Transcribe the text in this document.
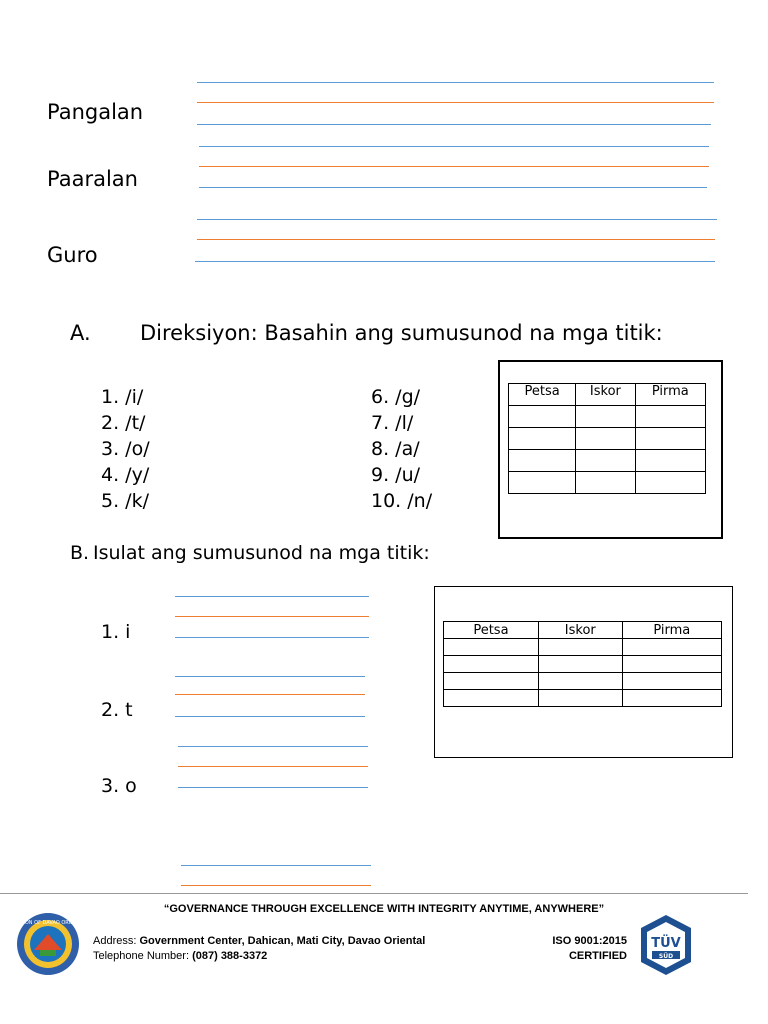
Pangalan
Paaralan
Guro
A. Direksiyon: Basahin ang sumusunod na mga titik:
1. /i/
2. /t/
3. /o/
4. /y/
5. /k/
6. /g/
7. /l/
8. /a/
9. /u/
10. /n/
Petsa	Iskor	Pirma

B. Isulat ang sumusunod na mga titik:
1. i
2. t
3. o
Petsa	Iskor	Pirma

“GOVERNANCE THROUGH EXCELLENCE WITH INTEGRITY ANYTIME, ANYWHERE”
DIVISION OF DAVAO ORIENTAL
Address: Government Center, Dahican, Mati City, Davao Oriental
Telephone Number: (087) 388-3372
ISO 9001:2015
CERTIFIED
TÜV
SÜD
